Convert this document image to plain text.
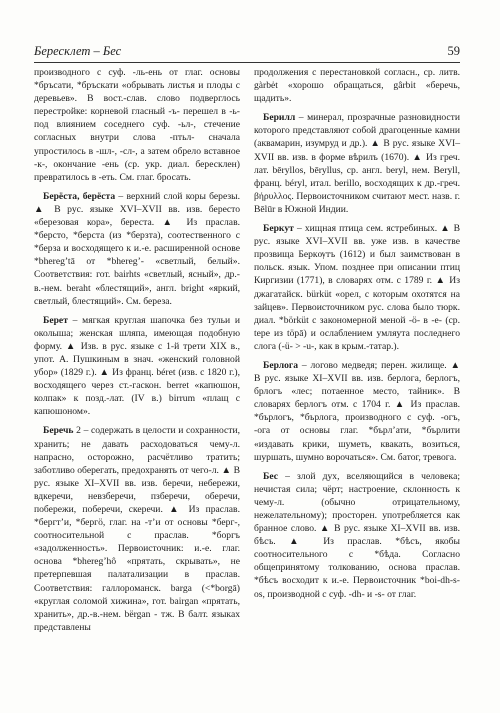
Бересклет – Бес	59

производного с суф. -ль-ень от глаг. основы *бръсати, *бръскати «обрывать листья и плоды с деревьев». В вост.-слав. слово подверглось перестройке: корневой гласный -ъ- перешел в -ь- под влиянием соседнего суф. -ьл-, стечение согласных внутри слова -птьл- сначала упростилось в -шл-, -сл-, а затем обрело вставное -к-, окончание -ень (ср. укр. диал. бересклен) превратилось в -еть. См. глаг. бросать.

Берёста, берёста – верхний слой коры березы. ▲ В рус. языке XVI–XVII вв. изв. береcто «березовая кора», береста. ▲ Из праслав. *берсто, *берста (из *берзта), соотественного с *берза и восходящего к и.-е. расширенной основе *bhereg’tā от *bhereg’- «светлый, белый». Соответствия: гот. bairhts «светлый, ясный», др.-в.-нем. beraht «блестящий», англ. bright «яркий, светлый, блестящий». См. береза.

Берет – мягкая круглая шапочка без тульи и околыша; женская шляпа, имеющая подобную форму. ▲ Изв. в рус. языке с 1-й трети XIX в., упот. А. Пушкиным в знач. «женский головной убор» (1829 г.). ▲ Из франц. béret (изв. с 1820 г.), восходящего через ст.-гаскон. berret «капюшон, колпак» к позд.-лат. (IV в.) birrum «плащ с капюшоном».

Беречь 2 – содержать в целости и сохранности, хранить; не давать расходоваться чему-л. напрасно, осторожно, расчётливо тратить; заботливо оберегать, предохранять от чего-л. ▲ В рус. языке XI–XVII вв. изв. беречи, небережи, вдкеречи, невзберечи, пзберечи, оберечи, побережи, поберечи, скеречи. ▲ Из праслав. *бергт’и, *бергö, глаг. на -т’и от основы *берг-, соотносительной с праслав. *боргъ «задолженность». Первоисточник: и.-е. глаг. основа *bhereg’hô «прятать, скрывать», не претерпевшая палатализации в праслав. Соответствия: галлороманск. barga (<*borgā) «круглая соломой хижина», гот. bairgan «прятать, хранить», др.-в.-нем. bërgan - тж. В балт. языках представлены

продолжения с перестановкой согласн., ср. литв. gàrbėt «хорошо обращаться, gârbit «беречь, щадить».

Берилл – минерал, прозрачные разновидности которого представляют собой драгоценные камни (аквамарин, изумруд и др.). ▲ В рус. языке XVI–XVII вв. изв. в форме вѣрилъ (1670). ▲ Из греч. лат. bēryllos, bēryllus, ср. англ. beryl, нем. Beryll, франц. béryl, итал. berillo, восходящих к др.-греч. βήρυλλος. Первоисточником считают мест. назв. г. Bēlūr в Южной Индии.

Беркут – хищная птица сем. ястребиных. ▲ В рус. языке XVI–XVII вв. уже изв. в качестве прозвища Беркѹтъ (1612) и был заимствован в польск. язык. Упом. позднее при описании птиц Киргизии (1771), в словарях отм. с 1789 г. ▲ Из джагатайск. bürküt «орел, с которым охотятся на зайцев». Первоисточником рус. слова было тюрк. диал. *börküt с закономерной меной -ö- в -е- (ср. tepe из töpā) и ослаблением умляута последнего слога (-ü- > -u-, как в крым.-татар.).

Берлога – логово медведя; перен. жилище. ▲ В рус. языке XI–XVII вв. изв. берлога, берлогъ, брлогъ «лес; потаенное место, тайник». В словарях берлогъ отм. с 1704 г. ▲ Из праслав. *бърлогъ, *бърлога, производного с суф. -огъ, -ога от основы глаг. *бърл’ати, *бърлити «издавать крики, шуметь, квакать, возиться, шуршать, шумно ворочаться». См. батог, тревога.

Бес – злой дух, вселяющийся в человека; нечистая сила; чёрт; настроение, склонность к чему-л. (обычно отрицательному, нежелательному); просторен. употребляется как бранное слово. ▲ В рус. языке XI–XVII вв. изв. бѣсъ. ▲ Из праслав. *бѣсъ, якобы соотносительного с *бѣда. Согласно общепринятому толкованию, основа праслав. *бѣсъ восходит к и.-е. Первоисточник *boi-dh-s-os, производной с суф. -dh- и -s- от глаг.
